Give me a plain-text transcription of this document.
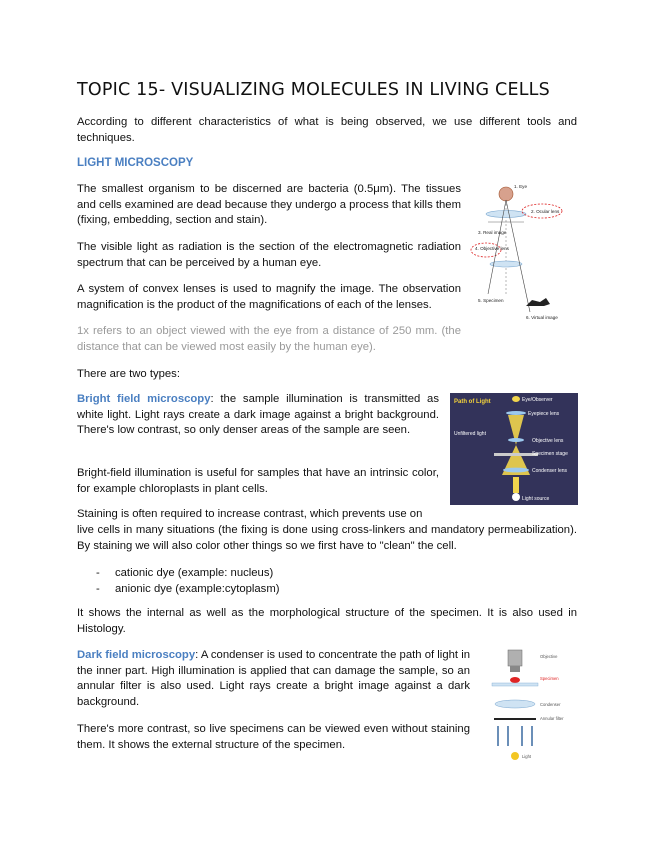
TOPIC 15- VISUALIZING MOLECULES IN LIVING CELLS

According to different characteristics of what is being observed, we use different tools and techniques.

LIGHT MICROSCOPY

The smallest organism to be discerned are bacteria (0.5μm). The tissues and cells examined are dead because they undergo a process that kills them (fixing, embedding, section and stain).

The visible light as radiation is the section of the electromagnetic radiation spectrum that can be perceived by a human eye.

A system of convex lenses is used to magnify the image. The observation magnification is the product of the magnifications of each of the lenses.

1x refers to an object viewed with the eye from a distance of 250 mm. (the distance that can be viewed most easily by the human eye).

There are two types:

Bright field microscopy: the sample illumination is transmitted as white light. Light rays create a dark image against a bright background. There's low contrast, so only denser areas of the sample are seen.

Bright-field illumination is useful for samples that have an intrinsic color, for example chloroplasts in plant cells.

Staining is often required to increase contrast, which prevents use on

live cells in many situations (the fixing is done using cross-linkers and mandatory permeabilization). By staining we will also color other things so we first have to "clean" the cell.

- cationic dye (example: nucleus)
- anionic dye (example:cytoplasm)

It shows the internal as well as the morphological structure of the specimen. It is also used in Histology.

Dark field microscopy: A condenser is used to concentrate the path of light in the inner part. High illumination is applied that can damage the sample, so an annular filter is also used. Light rays create a bright image against a dark background.

There's more contrast, so live specimens can be viewed even without staining them. It shows the external structure of the specimen.

1. Eye
2. Ocular lens
3. Real image
4. Objective lens
5. Specimen
6. Virtual image
Path of Light	Eye/Observer
Eyepiece lens
Unfiltered light
Objective lens
Specimen stage
Condenser lens
Light source
Objective
Specimen
Condenser
Annular filter
Light
